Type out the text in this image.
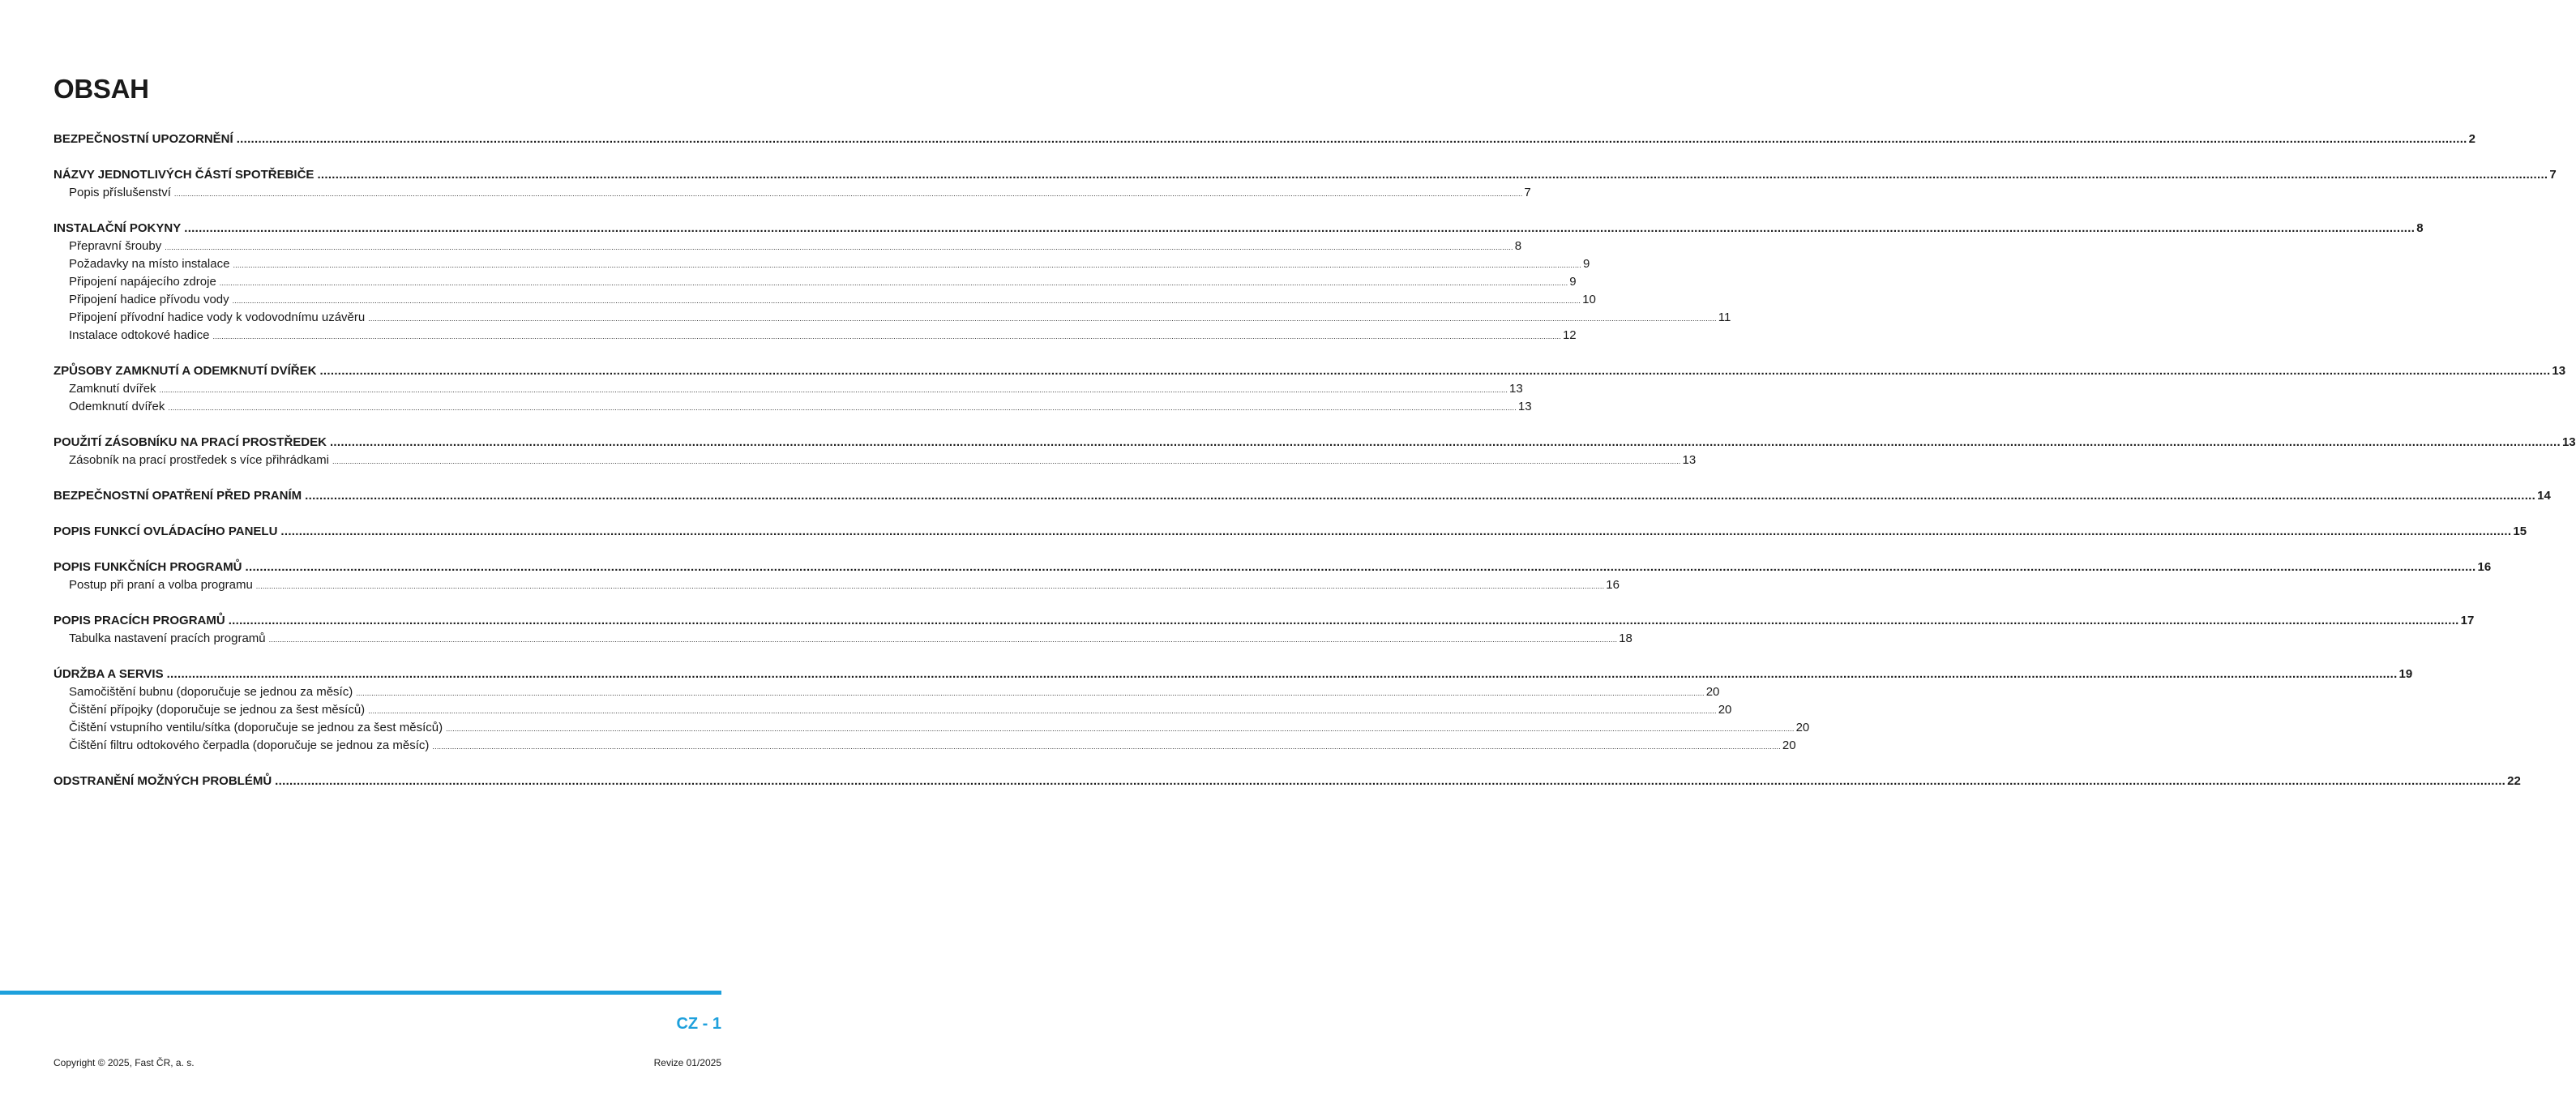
OBSAH
BEZPEČNOSTNÍ UPOZORNĚNÍ ........................................................................................................................................................................................................................................................................................................................................................................................................................................................................................................................................................................................................................................ 2
NÁZVY JEDNOTLIVÝCH ČÁSTÍ SPOTŘEBIČE ........................................................................................................................................................................................................................................................................................................................................................................................................................................................................................................................................................................................................................................ 7
Popis příslušenství ........................................................................................................................................................................................................................................................................................................................................................................................................................................................................................................................................................................................................................................ 7
INSTALAČNÍ POKYNY ........................................................................................................................................................................................................................................................................................................................................................................................................................................................................................................................................................................................................................................ 8
Přepravní šrouby ........................................................................................................................................................................................................................................................................................................................................................................................................................................................................................................................................................................................................................................ 8
Požadavky na místo instalace ........................................................................................................................................................................................................................................................................................................................................................................................................................................................................................................................................................................................................................................ 9
Připojení napájecího zdroje ........................................................................................................................................................................................................................................................................................................................................................................................................................................................................................................................................................................................................................................ 9
Připojení hadice přívodu vody ........................................................................................................................................................................................................................................................................................................................................................................................................................................................................................................................................................................................................................................ 10
Připojení přívodní hadice vody k vodovodnímu uzávěru ........................................................................................................................................................................................................................................................................................................................................................................................................................................................................................................................................................................................................................................ 11
Instalace odtokové hadice ........................................................................................................................................................................................................................................................................................................................................................................................................................................................................................................................................................................................................................................ 12
ZPŮSOBY ZAMKNUTÍ A ODEMKNUTÍ DVÍŘEK ........................................................................................................................................................................................................................................................................................................................................................................................................................................................................................................................................................................................................................................ 13
Zamknutí dvířek ........................................................................................................................................................................................................................................................................................................................................................................................................................................................................................................................................................................................................................................ 13
Odemknutí dvířek ........................................................................................................................................................................................................................................................................................................................................................................................................................................................................................................................................................................................................................................ 13
POUŽITÍ ZÁSOBNÍKU NA PRACÍ PROSTŘEDEK ........................................................................................................................................................................................................................................................................................................................................................................................................................................................................................................................................................................................................................................ 13
Zásobník na prací prostředek s více přihrádkami ........................................................................................................................................................................................................................................................................................................................................................................................................................................................................................................................................................................................................................................ 13
BEZPEČNOSTNÍ OPATŘENÍ PŘED PRANÍM ........................................................................................................................................................................................................................................................................................................................................................................................................................................................................................................................................................................................................................................ 14
POPIS FUNKCÍ OVLÁDACÍHO PANELU ........................................................................................................................................................................................................................................................................................................................................................................................................................................................................................................................................................................................................................................ 15
POPIS FUNKČNÍCH PROGRAMŮ ........................................................................................................................................................................................................................................................................................................................................................................................................................................................................................................................................................................................................................................ 16
Postup při praní a volba programu ........................................................................................................................................................................................................................................................................................................................................................................................................................................................................................................................................................................................................................................ 16
POPIS PRACÍCH PROGRAMŮ ........................................................................................................................................................................................................................................................................................................................................................................................................................................................................................................................................................................................................................................ 17
Tabulka nastavení pracích programů ........................................................................................................................................................................................................................................................................................................................................................................................................................................................................................................................................................................................................................................ 18
ÚDRŽBA A SERVIS ........................................................................................................................................................................................................................................................................................................................................................................................................................................................................................................................................................................................................................................ 19
Samočištění bubnu (doporučuje se jednou za měsíc) ........................................................................................................................................................................................................................................................................................................................................................................................................................................................................................................................................................................................................................................ 20
Čištění přípojky (doporučuje se jednou za šest měsíců) ........................................................................................................................................................................................................................................................................................................................................................................................................................................................................................................................................................................................................................................ 20
Čištění vstupního ventilu/sítka (doporučuje se jednou za šest měsíců) ........................................................................................................................................................................................................................................................................................................................................................................................................................................................................................................................................................................................................................................ 20
Čištění filtru odtokového čerpadla (doporučuje se jednou za měsíc) ........................................................................................................................................................................................................................................................................................................................................................................................................................................................................................................................................................................................................................................ 20
ODSTRANĚNÍ MOŽNÝCH PROBLÉMŮ ........................................................................................................................................................................................................................................................................................................................................................................................................................................................................................................................................................................................................................................ 22
CZ - 1
Copyright © 2025, Fast ČR, a. s.	Revize 01/2025
